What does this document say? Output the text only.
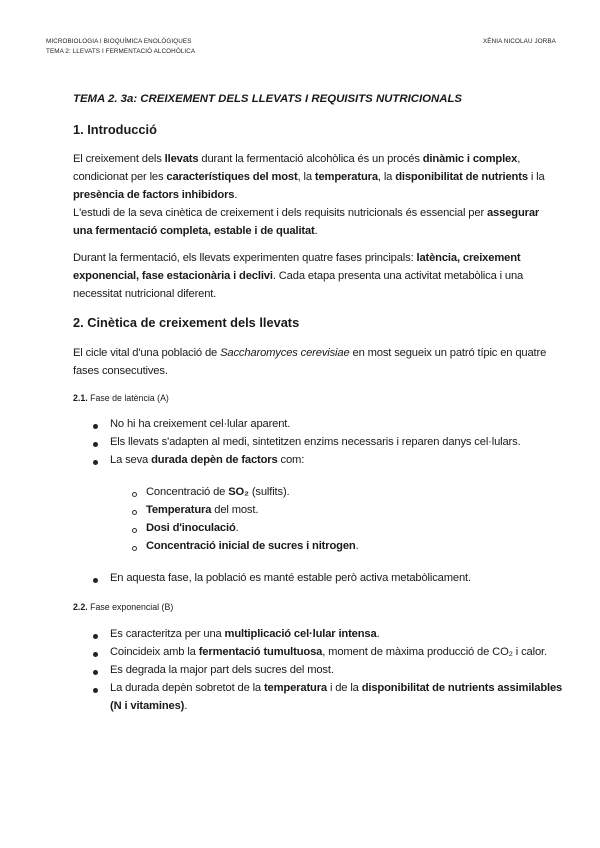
MICROBIOLOGIA I BIOQUÍMICA ENOLÒGIQUES
TEMA 2: LLEVATS I FERMENTACIÓ ALCOHÒLICA
XÈNIA NICOLAU JORBA
TEMA 2. 3a: CREIXEMENT DELS LLEVATS I REQUISITS NUTRICIONALS
1. Introducció
El creixement dels llevats durant la fermentació alcohòlica és un procés dinàmic i complex,
condicionat per les característiques del most, la temperatura, la disponibilitat de nutrients i la
presència de factors inhibidors.
L'estudi de la seva cinètica de creixement i dels requisits nutricionals és essencial per assegurar
una fermentació completa, estable i de qualitat.
Durant la fermentació, els llevats experimenten quatre fases principals: latència, creixement
exponencial, fase estacionària i declivi. Cada etapa presenta una activitat metabòlica i una
necessitat nutricional diferent.
2. Cinètica de creixement dels llevats
El cicle vital d'una població de Saccharomyces cerevisiae en most segueix un patró típic en quatre
fases consecutives.
2.1. Fase de latència (A)
No hi ha creixement cel·lular aparent.
Els llevats s'adapten al medi, sintetitzen enzims necessaris i reparen danys cel·lulars.
La seva durada depèn de factors com:
Concentració de SO₂ (sulfits).
Temperatura del most.
Dosi d'inoculació.
Concentració inicial de sucres i nitrogen.
En aquesta fase, la població es manté estable però activa metabòlicament.
2.2. Fase exponencial (B)
Es caracteritza per una multiplicació cel·lular intensa.
Coincideix amb la fermentació tumultuosa, moment de màxima producció de CO₂ i calor.
Es degrada la major part dels sucres del most.
La durada depèn sobretot de la temperatura i de la disponibilitat de nutrients assimilables
(N i vitamines).
